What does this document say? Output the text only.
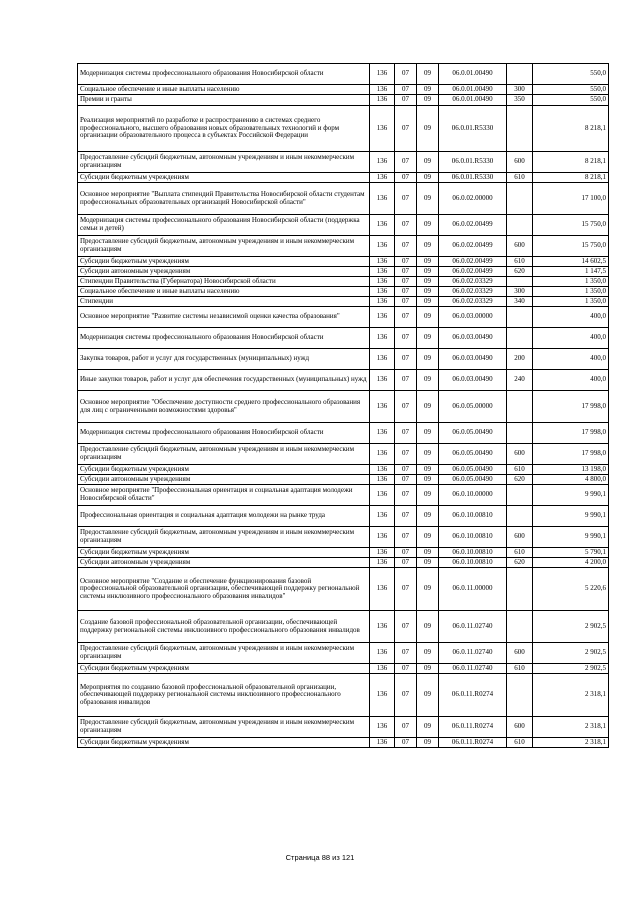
Модернизация системы профессионального образования Новосибирской области	136	07	09	06.0.01.00490		550,0
Социальное обеспечение и иные выплаты населению	136	07	09	06.0.01.00490	300	550,0
Премии и гранты	136	07	09	06.0.01.00490	350	550,0
Реализация мероприятий по разработке и распространению в системах среднего профессионального, высшего образования новых образовательных технологий и форм организации образовательного процесса в субъектах Российской Федерации	136	07	09	06.0.01.R5330		8 218,1
Предоставление субсидий бюджетным, автономным учреждениям и иным некоммерческим организациям	136	07	09	06.0.01.R5330	600	8 218,1
Субсидии бюджетным учреждениям	136	07	09	06.0.01.R5330	610	8 218,1
Основное мероприятие "Выплата стипендий Правительства Новосибирской области студентам профессиональных образовательных организаций Новосибирской области"	136	07	09	06.0.02.00000		17 100,0
Модернизация системы профессионального образования Новосибирской области (поддержка семьи и детей)	136	07	09	06.0.02.00499		15 750,0
Предоставление субсидий бюджетным, автономным учреждениям и иным некоммерческим организациям	136	07	09	06.0.02.00499	600	15 750,0
Субсидии бюджетным учреждениям	136	07	09	06.0.02.00499	610	14 602,5
Субсидии автономным учреждениям	136	07	09	06.0.02.00499	620	1 147,5
Стипендии Правительства (Губернатора) Новосибирской области	136	07	09	06.0.02.03329		1 350,0
Социальное обеспечение и иные выплаты населению	136	07	09	06.0.02.03329	300	1 350,0
Стипендии	136	07	09	06.0.02.03329	340	1 350,0
Основное мероприятие "Развитие системы независимой оценки качества образования"	136	07	09	06.0.03.00000		400,0
Модернизация системы профессионального образования Новосибирской области	136	07	09	06.0.03.00490		400,0
Закупка товаров, работ и услуг для государственных (муниципальных) нужд	136	07	09	06.0.03.00490	200	400,0
Иные закупки товаров, работ и услуг для обеспечения государственных (муниципальных) нужд	136	07	09	06.0.03.00490	240	400,0
Основное мероприятие "Обеспечение доступности среднего профессионального образования для лиц с ограниченными возможностями здоровья"	136	07	09	06.0.05.00000		17 998,0
Модернизация системы профессионального образования Новосибирской области	136	07	09	06.0.05.00490		17 998,0
Предоставление субсидий бюджетным, автономным учреждениям и иным некоммерческим организациям	136	07	09	06.0.05.00490	600	17 998,0
Субсидии бюджетным учреждениям	136	07	09	06.0.05.00490	610	13 198,0
Субсидии автономным учреждениям	136	07	09	06.0.05.00490	620	4 800,0
Основное мероприятие "Профессиональная ориентация и социальная адаптация молодежи Новосибирской области"	136	07	09	06.0.10.00000		9 990,1
Профессиональная ориентация и социальная адаптация молодежи на рынке труда	136	07	09	06.0.10.00810		9 990,1
Предоставление субсидий бюджетным, автономным учреждениям и иным некоммерческим организациям	136	07	09	06.0.10.00810	600	9 990,1
Субсидии бюджетным учреждениям	136	07	09	06.0.10.00810	610	5 790,1
Субсидии автономным учреждениям	136	07	09	06.0.10.00810	620	4 200,0
Основное мероприятие "Создание и обеспечение функционирования базовой профессиональной образовательной организации, обеспечивающей поддержку региональной системы инклюзивного профессионального образования инвалидов"	136	07	09	06.0.11.00000		5 220,6
Создание базовой профессиональной образовательной организации, обеспечивающей поддержку региональной системы инклюзивного профессионального образования инвалидов	136	07	09	06.0.11.02740		2 902,5
Предоставление субсидий бюджетным, автономным учреждениям и иным некоммерческим организациям	136	07	09	06.0.11.02740	600	2 902,5
Субсидии бюджетным учреждениям	136	07	09	06.0.11.02740	610	2 902,5
Мероприятия по созданию базовой профессиональной образовательной организации, обеспечивающей поддержку региональной системы инклюзивного профессионального образования инвалидов	136	07	09	06.0.11.R0274		2 318,1
Предоставление субсидий бюджетным, автономным учреждениям и иным некоммерческим организациям	136	07	09	06.0.11.R0274	600	2 318,1
Субсидии бюджетным учреждениям	136	07	09	06.0.11.R0274	610	2 318,1
Страница 88 из 121
